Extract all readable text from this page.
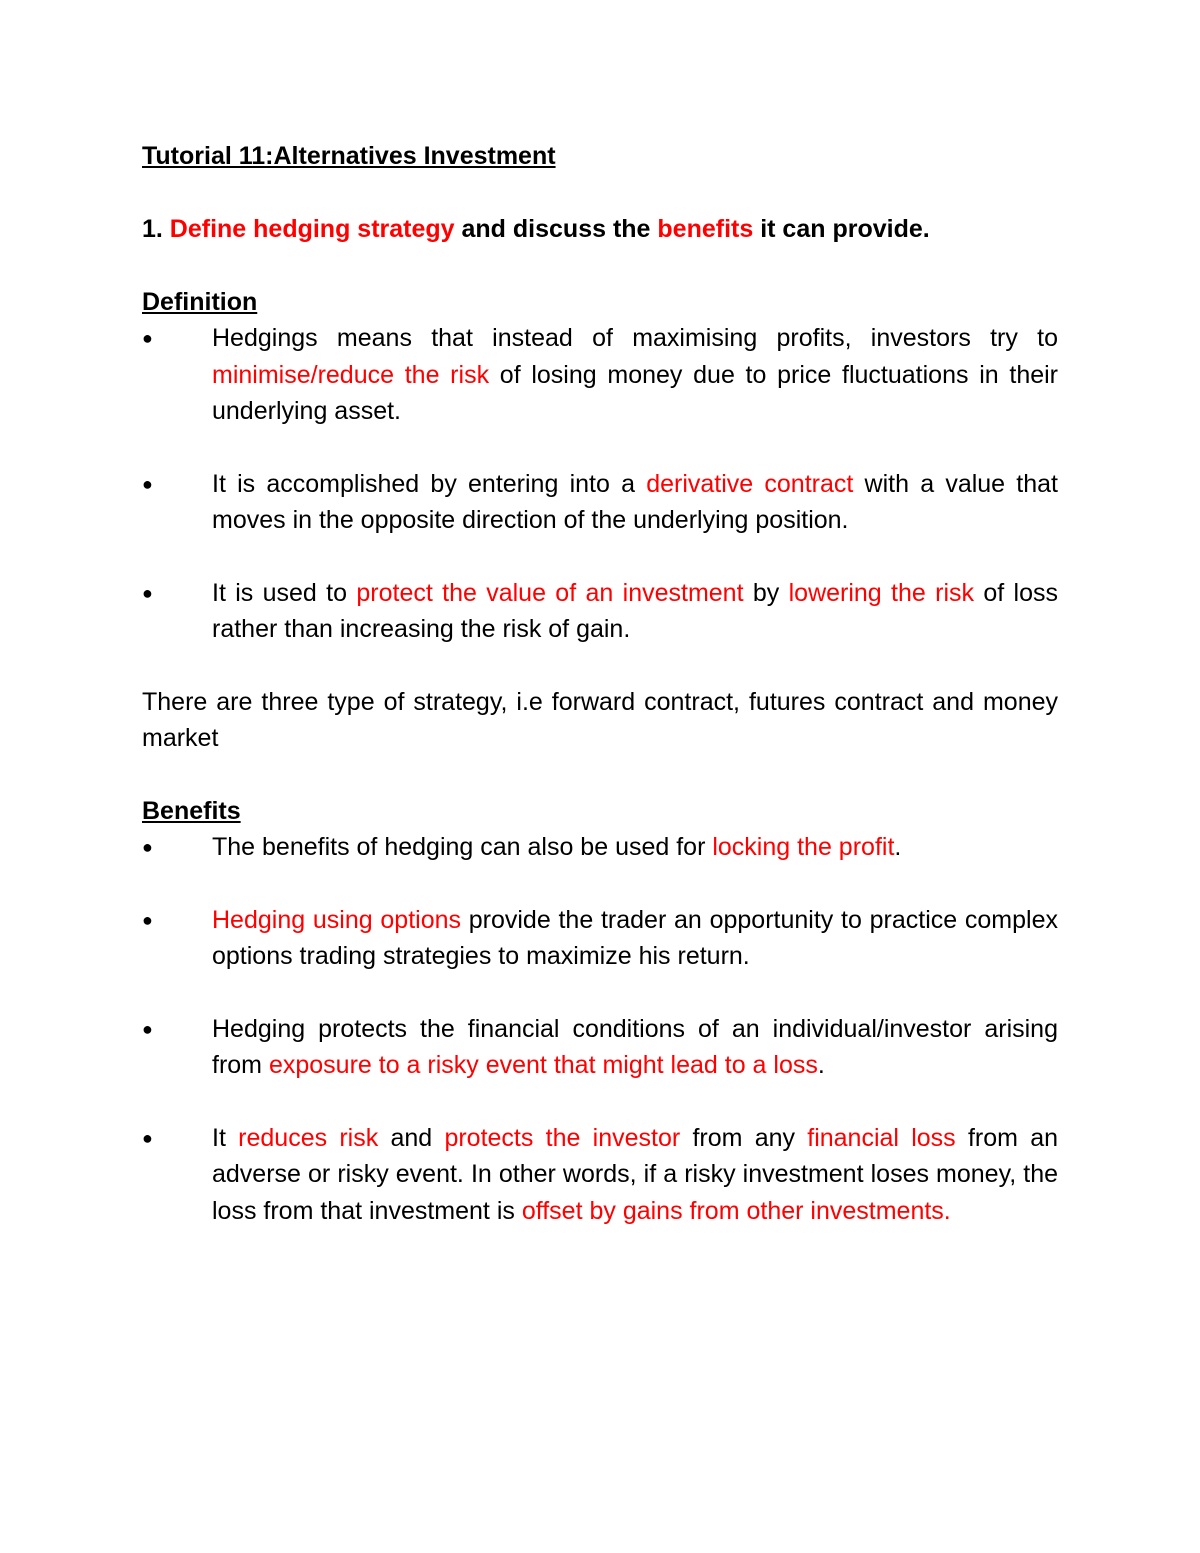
Tutorial 11:Alternatives Investment

1. Define hedging strategy and discuss the benefits it can provide.

Definition

● Hedgings means that instead of maximising profits, investors try to minimise/reduce the risk of losing money due to price fluctuations in their underlying asset.
● It is accomplished by entering into a derivative contract with a value that moves in the opposite direction of the underlying position.
● It is used to protect the value of an investment by lowering the risk of loss rather than increasing the risk of gain.

There are three type of strategy, i.e forward contract, futures contract and money market

Benefits

● The benefits of hedging can also be used for locking the profit.
● Hedging using options provide the trader an opportunity to practice complex options trading strategies to maximize his return.
● Hedging protects the financial conditions of an individual/investor arising from exposure to a risky event that might lead to a loss.
● It reduces risk and protects the investor from any financial loss from an adverse or risky event. In other words, if a risky investment loses money, the loss from that investment is offset by gains from other investments.
